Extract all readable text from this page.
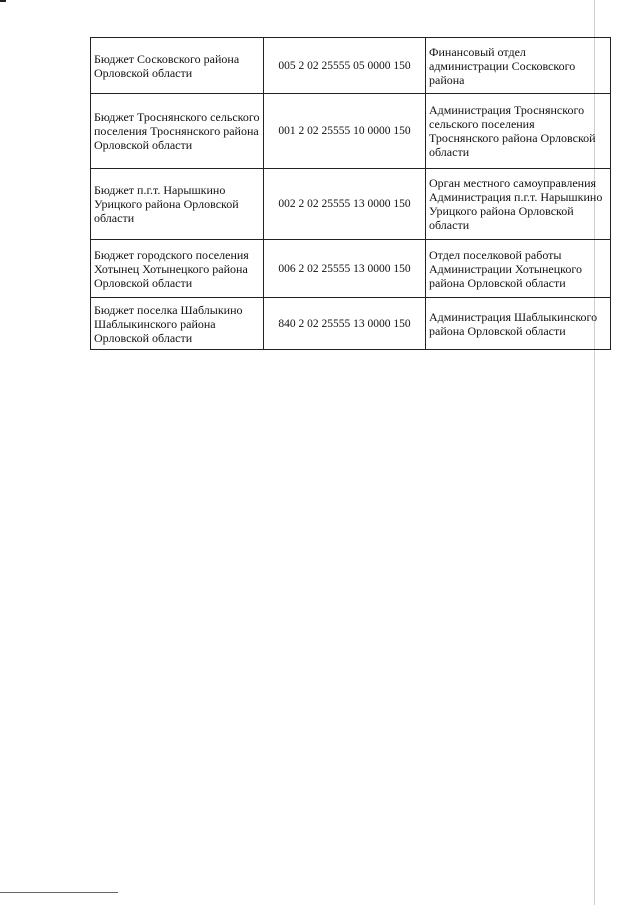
Бюджет Сосковского района Орловской области	005 2 02 25555 05 0000 150	Финансовый отдел администрации Сосковского района
Бюджет Троснянского сельского поселения Троснянского района Орловской области	001 2 02 25555 10 0000 150	Администрация Троснянского сельского поселения Троснянского района Орловской области
Бюджет п.г.т. Нарышкино Урицкого района Орловской области	002 2 02 25555 13 0000 150	Орган местного самоуправления Администрация п.г.т. Нарышкино Урицкого района Орловской области
Бюджет городского поселения Хотынец Хотынецкого района Орловской области	006 2 02 25555 13 0000 150	Отдел поселковой работы Администрации Хотынецкого района Орловской области
Бюджет поселка Шаблыкино Шаблыкинского района Орловской области	840 2 02 25555 13 0000 150	Администрация Шаблыкинского района Орловской области
